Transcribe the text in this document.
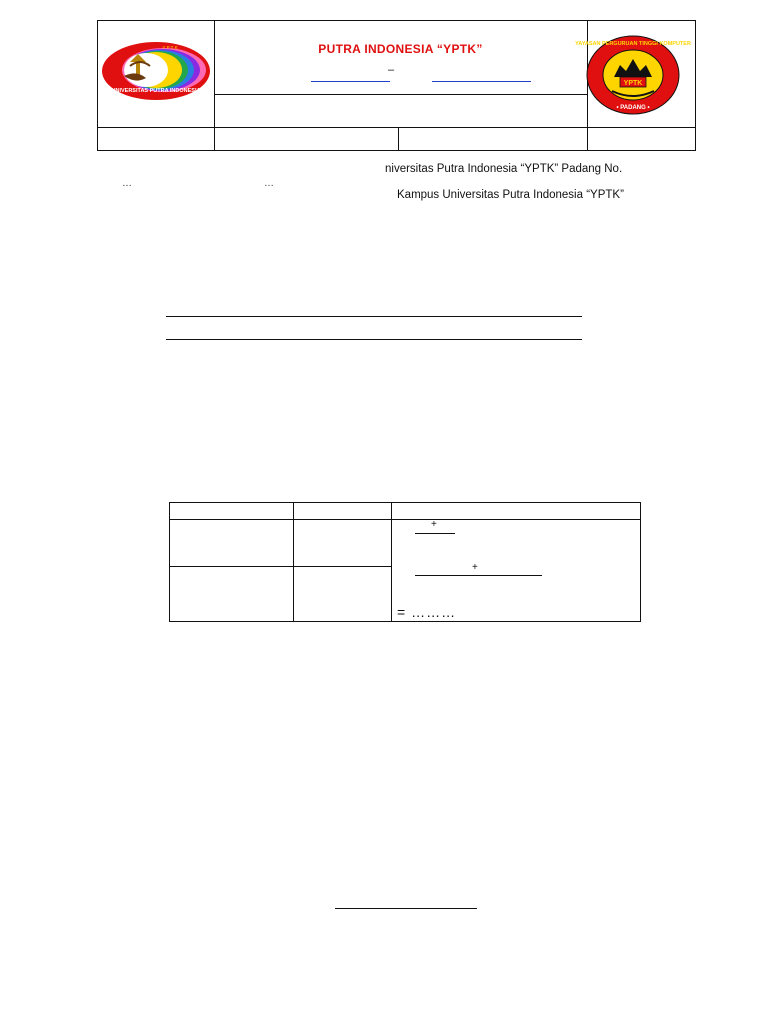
PUTRA INDONESIA “YPTK”
–
UNIVERSITAS PUTRA INDONESIA
Y P T K
YPTK
• PADANG •
YAYASAN PERGURUAN TINGGI KOMPUTER
niversitas Putra Indonesia “YPTK” Padang No.
…	…
Kampus Universitas Putra Indonesia “YPTK”
+
+
= ………
